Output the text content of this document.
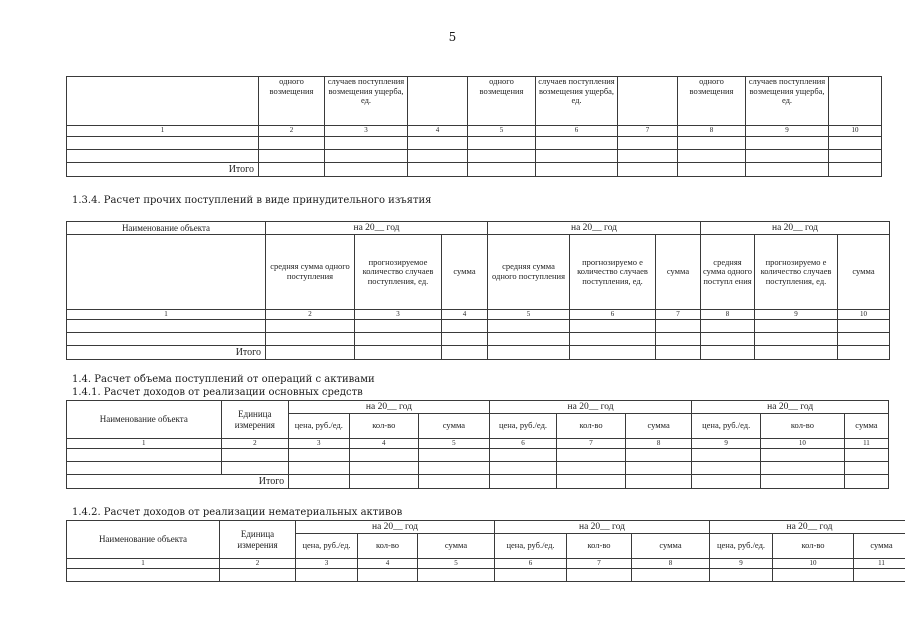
5
	одного возмещения	случаев поступления возмещения ущерба, ед.		одного возмещения	случаев поступления возмещения ущерба, ед.		одного возмещения	случаев поступления возмещения ущерба, ед.	
1	2	3	4	5	6	7	8	9	10

Итого									
1.3.4. Расчет прочих поступлений в виде принудительного изъятия
Наименование объекта	на 20__ год			на 20__ год			на 20__ год		
	средняя сумма одного поступления	прогнозируемое количество случаев поступления, ед.	сумма	средняя сумма одного поступления	прогнозируемо е количество случаев поступления, ед.	сумма	средняя сумма одного поступл ения	прогнозируемо е количество случаев поступления, ед.	сумма
1	2	3	4	5	6	7	8	9	10

Итого									
1.4. Расчет объема поступлений от операций с активами
1.4.1. Расчет доходов от реализации основных средств
Наименование объекта	Единица измерения	на 20__ год			на 20__ год			на 20__ год		
		цена, руб./ед.	кол-во	сумма	цена, руб./ед.	кол-во	сумма	цена, руб./ед.	кол-во	сумма
1	2	3	4	5	6	7	8	9	10	11

Итого										
1.4.2. Расчет доходов от реализации нематериальных активов
Наименование объекта	Единица измерения	на 20__ год			на 20__ год			на 20__ год		
		цена, руб./ед.	кол-во	сумма	цена, руб./ед.	кол-во	сумма	цена, руб./ед.	кол-во	сумма
1	2	3	4	5	6	7	8	9	10	11
